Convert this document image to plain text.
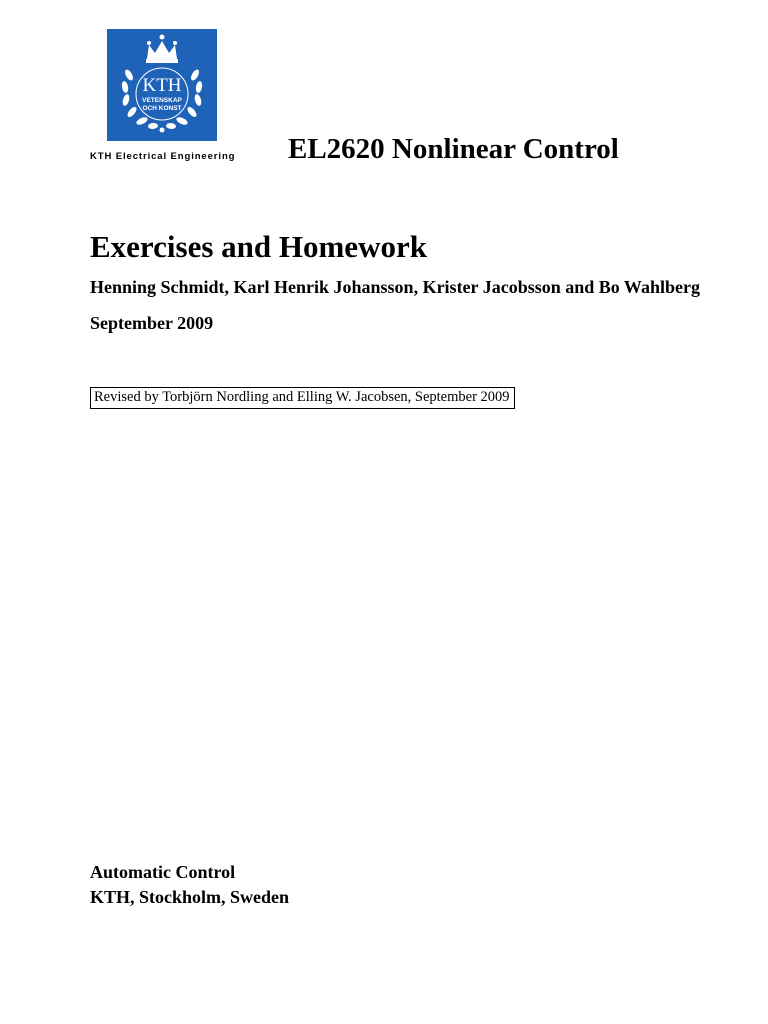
KTH
VETENSKAP
OCH KONST
KTH Electrical Engineering EL2620 Nonlinear Control
Exercises and Homework
Henning Schmidt, Karl Henrik Johansson, Krister Jacobsson and Bo Wahlberg
September 2009
Revised by Torbjörn Nordling and Elling W. Jacobsen, September 2009
Automatic Control
KTH, Stockholm, Sweden
